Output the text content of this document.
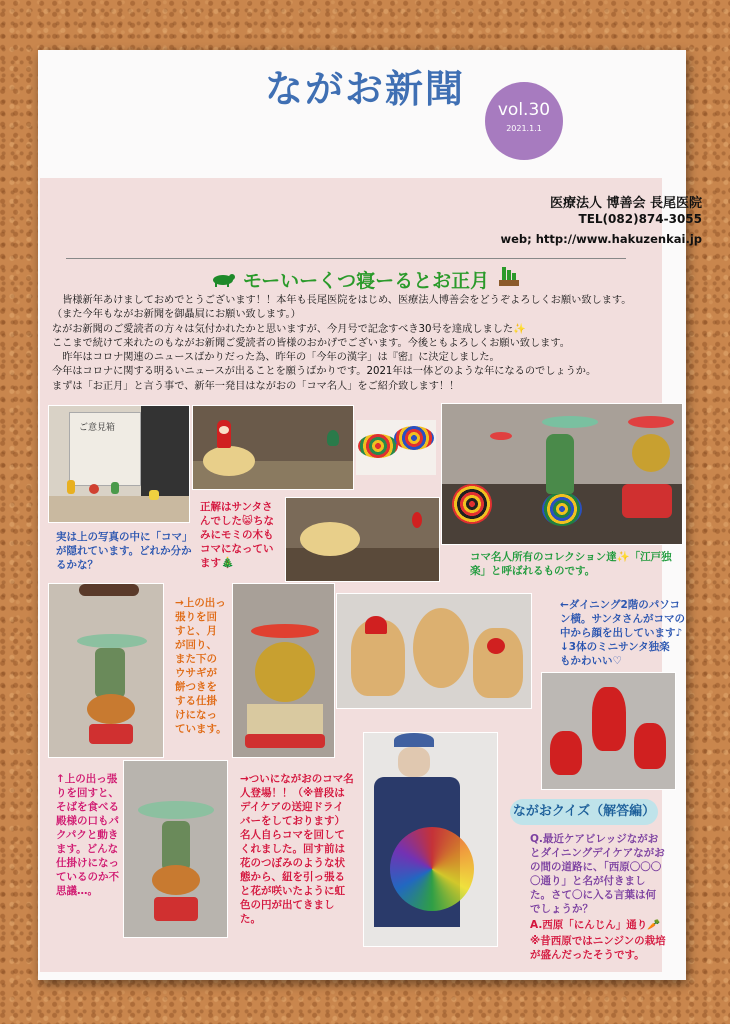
ながお新聞	vol.30
2021.1.1
医療法人 博善会 長尾医院
TEL(082)874-3055
web; http://www.hakuzenkai.jp
モーいーくつ寝ーるとお正月
皆様新年あけましておめでとうございます！！本年も長尾医院をはじめ、医療法人博善会をどうぞよろしくお願い致します。
（また今年もながお新聞を御贔屓にお願い致します。）
ながお新聞のご愛読者の方々は気付かれたかと思いますが、今月号で記念すべき30号を達成しました✨
ここまで続けて来れたのもながお新聞ご愛読者の皆様のおかげでございます。今後ともよろしくお願い致します。
昨年はコロナ関連のニュースばかりだった為、昨年の「今年の漢字」は『密』に決定しました。
今年はコロナに関する明るいニュースが出ることを願うばかりです。2021年は一体どのような年になるのでしょうか。
まずは「お正月」と言う事で、新年一発目はながおの「コマ名人」をご紹介致します！！
ご意見箱
実は上の写真の中に「コマ」が隠れています。どれか分かるかな？
正解はサンタさんでした😸ちなみにモミの木もコマになっています🎄	コマ名人所有のコレクション達✨「江戸独楽」と呼ばれるものです。
→上の出っ張りを回すと、月が回り、また下のウサギが餅つきをする仕掛けになっています。
←ダイニング2階のパソコン横。サンタさんがコマの中から顔を出しています♪
↓3体のミニサンタ独楽もかわいい♡
↑上の出っ張りを回すと、そばを食べる殿様の口もパクパクと動きます。どんな仕掛けになっているのか不思議…。
→ついにながおのコマ名人登場！！（※普段はデイケアの送迎ドライバーをしております）名人自らコマを回してくれました。回す前は花のつぼみのような状態から、紐を引っ張ると花が咲いたように虹色の円が出てきました。
ながおクイズ（解答編）
Q.最近ケアビレッジながおとダイニングデイケアながおの間の道路に、「西原〇〇〇〇通り」と名が付きました。さて〇に入る言葉は何でしょうか？
A.西原「にんじん」通り🥕
※昔西原ではニンジンの栽培が盛んだったそうです。
